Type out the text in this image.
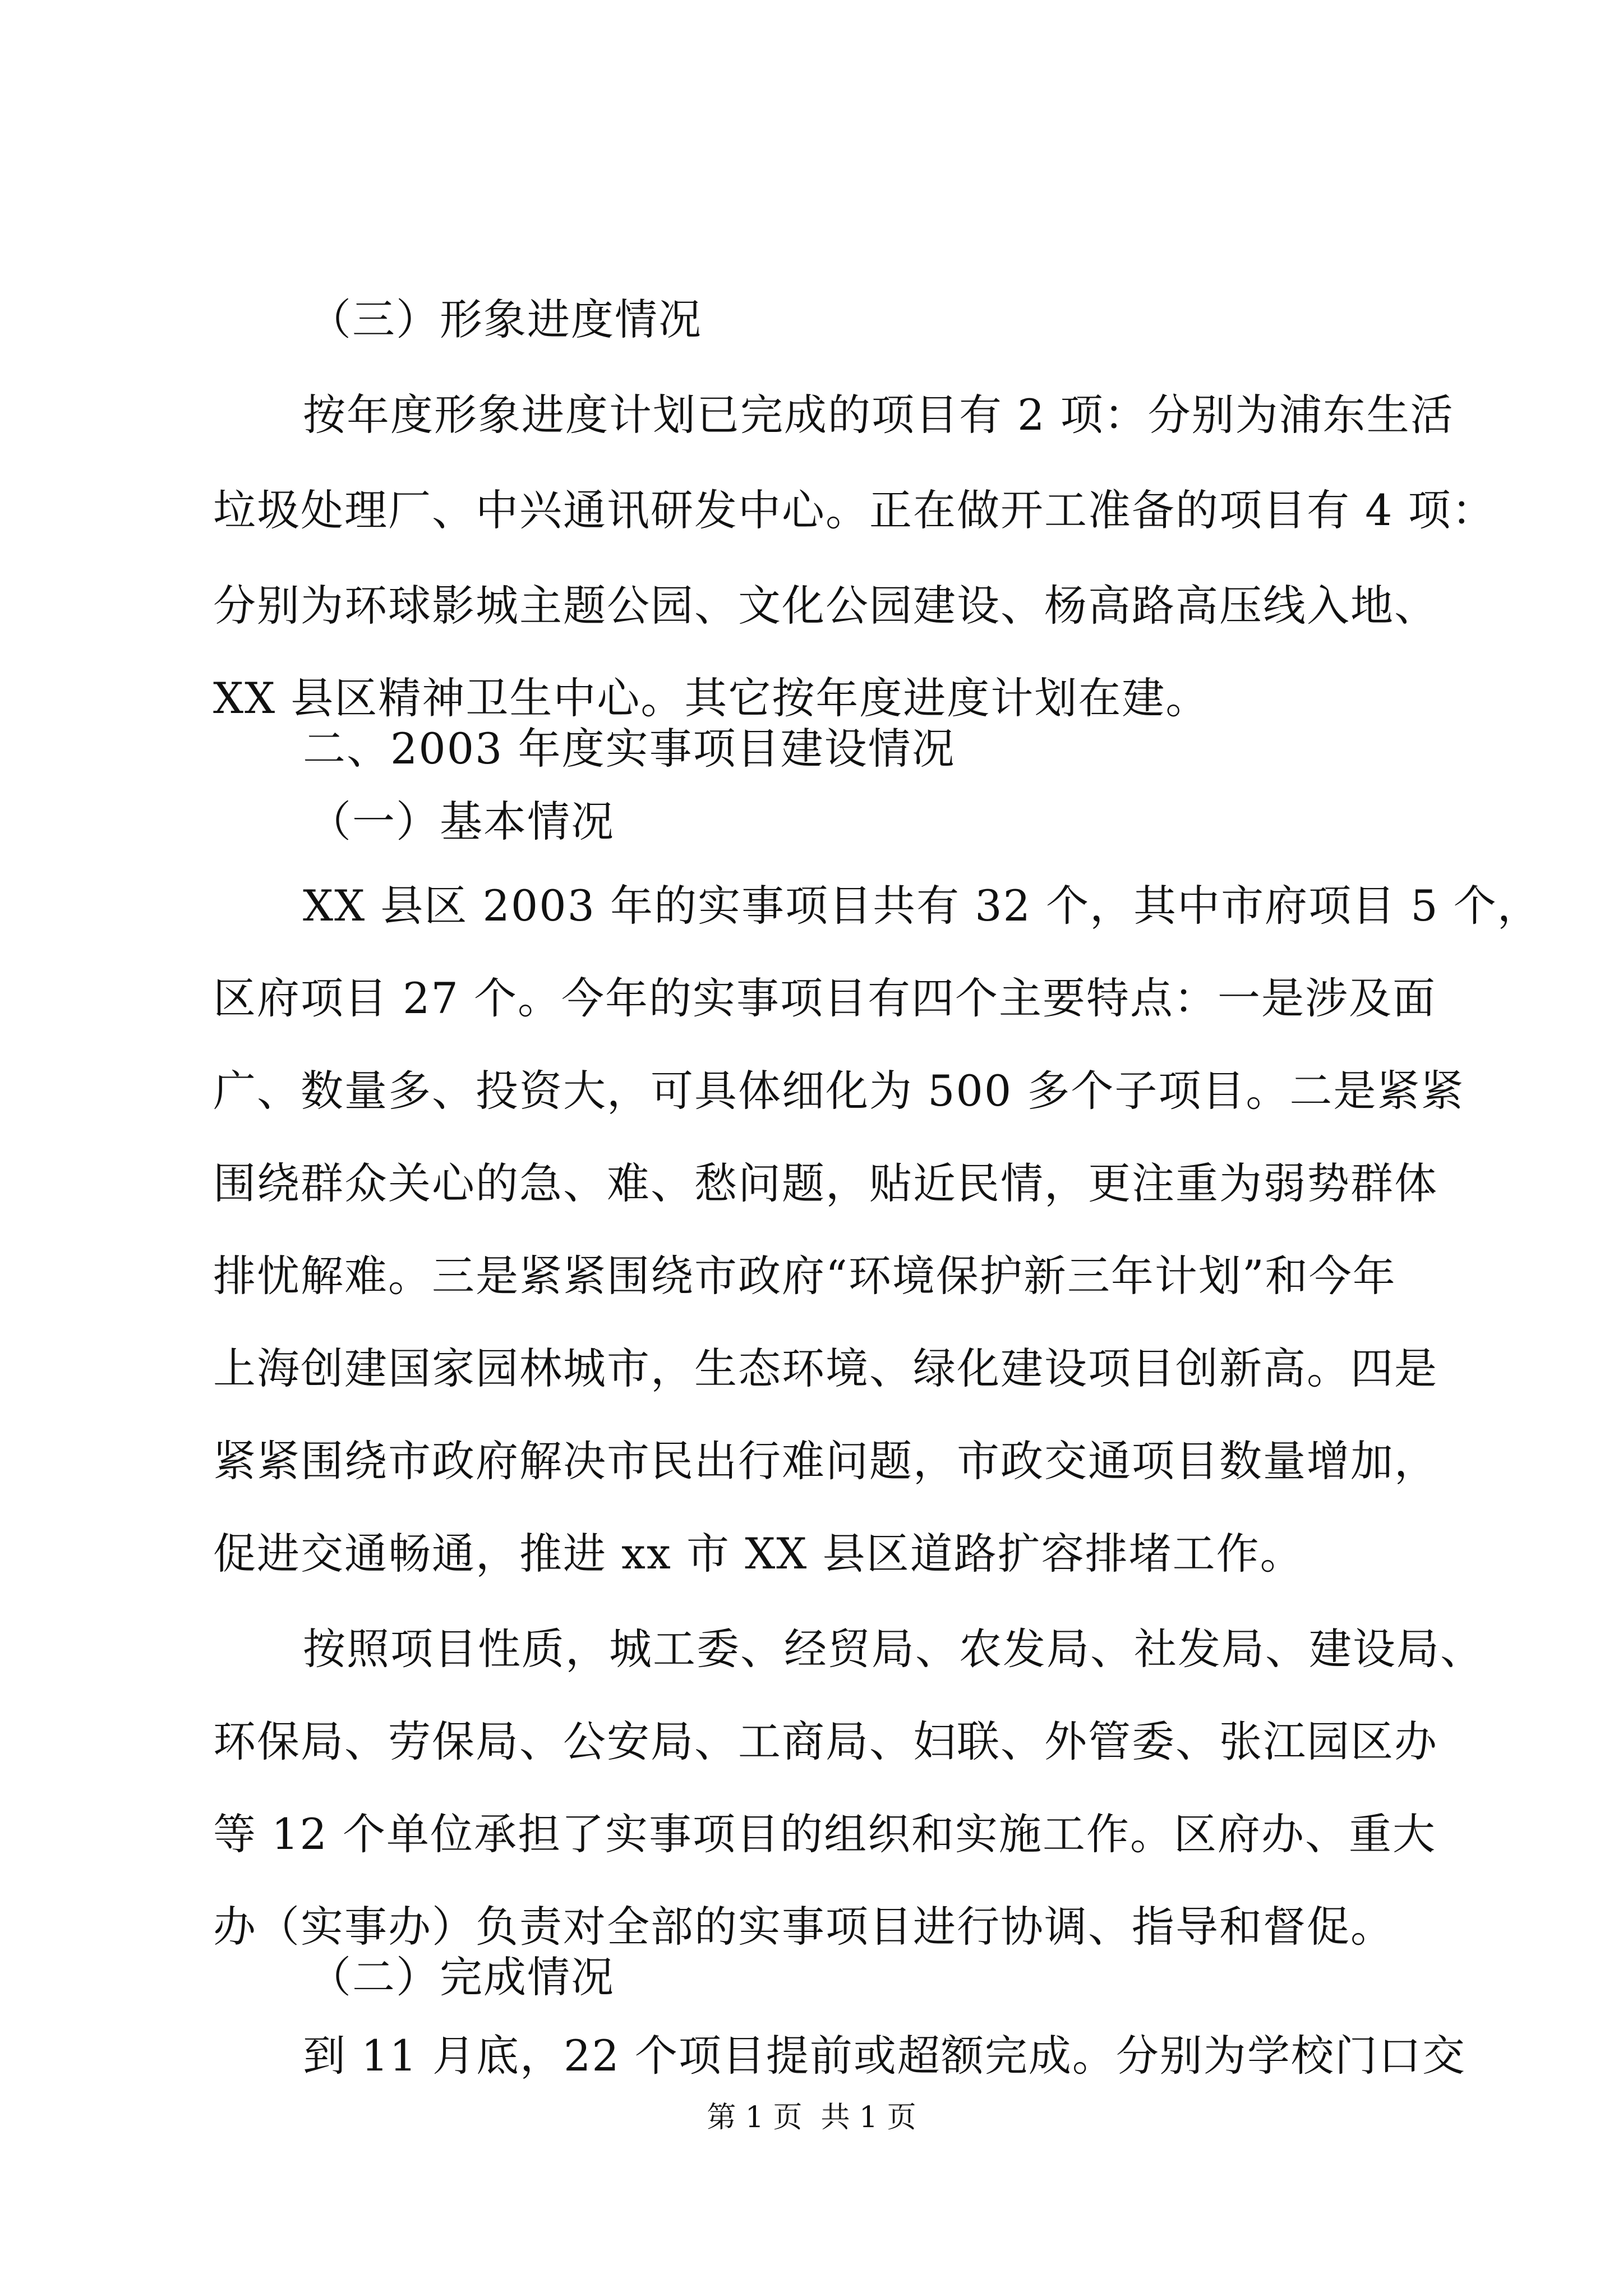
（三）形象进度情况
按年度形象进度计划已完成的项目有 2 项：分别为浦东生活
垃圾处理厂、中兴通讯研发中心。正在做开工准备的项目有 4 项：
分别为环球影城主题公园、文化公园建设、杨高路高压线入地、
XX 县区精神卫生中心。其它按年度进度计划在建。
二、2003 年度实事项目建设情况
（一）基本情况
XX 县区 2003 年的实事项目共有 32 个，其中市府项目 5 个，
区府项目 27 个。今年的实事项目有四个主要特点：一是涉及面
广、数量多、投资大，可具体细化为 500 多个子项目。二是紧紧
围绕群众关心的急、难、愁问题，贴近民情，更注重为弱势群体
排忧解难。三是紧紧围绕市政府“环境保护新三年计划”和今年
上海创建国家园林城市，生态环境、绿化建设项目创新高。四是
紧紧围绕市政府解决市民出行难问题，市政交通项目数量增加，
促进交通畅通，推进 xx 市 XX 县区道路扩容排堵工作。
按照项目性质，城工委、经贸局、农发局、社发局、建设局、
环保局、劳保局、公安局、工商局、妇联、外管委、张江园区办
等 12 个单位承担了实事项目的组织和实施工作。区府办、重大
办（实事办）负责对全部的实事项目进行协调、指导和督促。
（二）完成情况
到 11 月底，22 个项目提前或超额完成。分别为学校门口交
第 1 页  共 1 页
